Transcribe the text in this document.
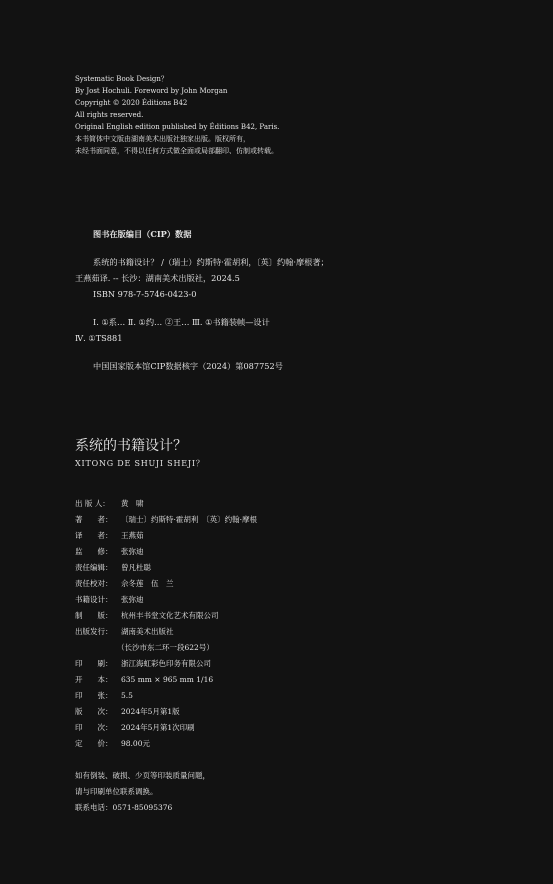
Systematic Book Design？
By Jost Hochuli. Foreword by John Morgan
Copyright © 2020 Éditions B42
All rights reserved.
Original English edition published by Éditions B42, Paris.
本书简体中文版由湖南美术出版社独家出版。版权所有，
未经书面同意，不得以任何方式做全面或局部翻印、仿制或转载。
图书在版编目（CIP）数据
系统的书籍设计？ /（瑞士）约斯特·霍胡利，〔英〕约翰·摩根著；
王燕茹译. -- 长沙：湖南美术出版社，2024.5
ISBN 978-7-5746-0423-0
Ⅰ. ①系… Ⅱ. ①约… ②王… Ⅲ. ①书籍装帧—设计
Ⅳ. ①TS881
中国国家版本馆CIP数据核字（2024）第087752号
系统的书籍设计？
XITONG DE SHUJI SHEJI？
出 版 人：	黄　啸
著　　者：	〔瑞士〕约斯特·霍胡利　〔英〕约翰·摩根
译　　者：	王燕茹
监　　修：	张弥迪
责任编辑：	曾凡杜聪
责任校对：	佘冬莲　伍　兰
书籍设计：	张弥迪
制　　版：	杭州丰书堂文化艺术有限公司
出版发行：	湖南美术出版社
（长沙市东二环一段622号）
印　　刷：	浙江海虹彩色印务有限公司
开　　本：	635 mm × 965 mm 1/16
印　　张：	5.5
版　　次：	2024年5月第1版
印　　次：	2024年5月第1次印刷
定　　价：	98.00元
如有倒装、破损、少页等印装质量问题，
请与印刷单位联系调换。
联系电话：0571-85095376
